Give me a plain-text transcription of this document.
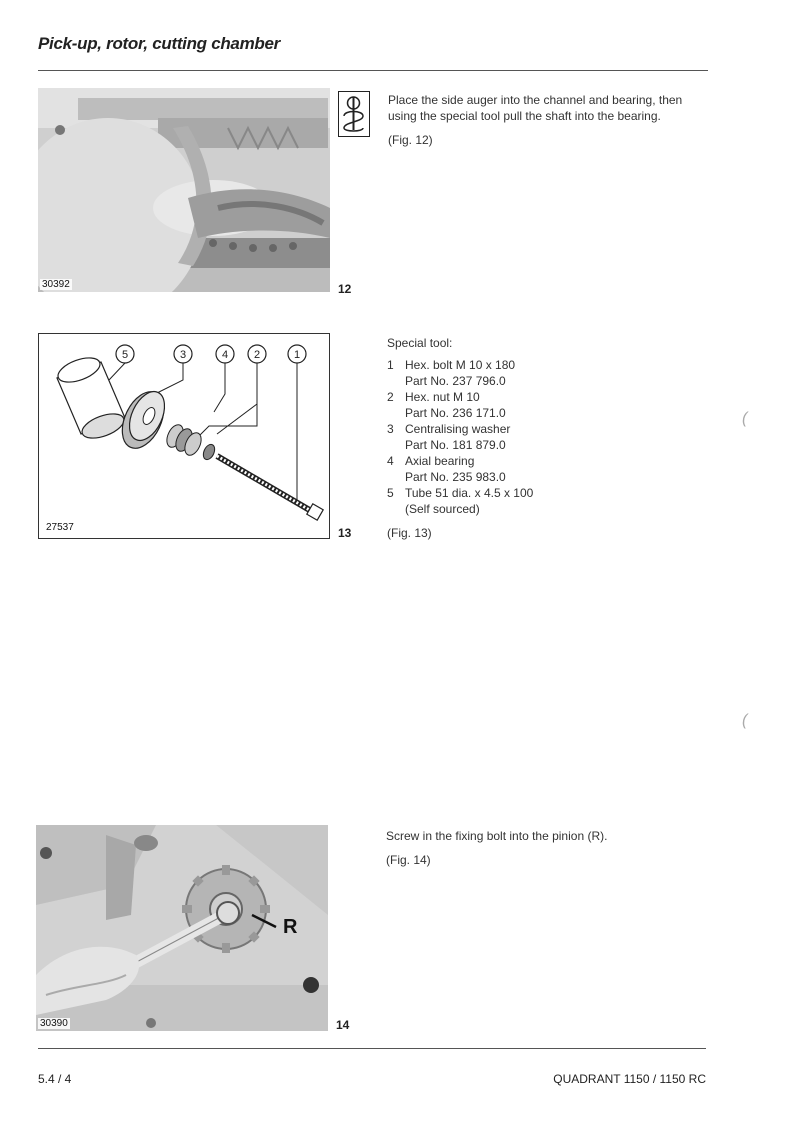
Pick-up, rotor, cutting chamber
30392	12

Place the side auger into the channel and bearing, then using the special tool pull the shaft into the bearing.

(Fig. 12)

5	3	4 2	1
27537	13

Special tool:

1 Hex. bolt M 10 x 180
Part No. 237 796.0
2 Hex. nut M 10
Part No. 236 171.0
3 Centralising washer
Part No. 181 879.0
4 Axial bearing
Part No. 235 983.0
5 Tube 51 dia. x 4.5 x 100
(Self sourced)

(Fig. 13)

(
(
R
30390	14

Screw in the fixing bolt into the pinion (R).

(Fig. 14)

5.4 / 4	QUADRANT 1150 / 1150 RC
